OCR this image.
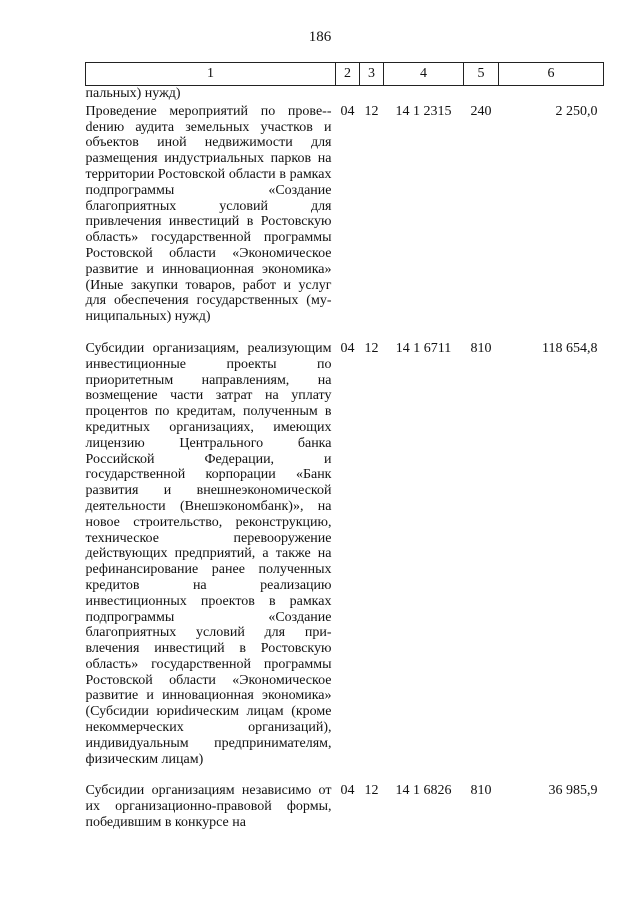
186
1	2	3	4	5	6
пальных) нужд)					
Проведение мероприятий по прове-dению аудита земельных участков и объектов иной недвижимости для размещения индустриальных парков на территории Ростовской области в рамках подпрограммы «Создание благоприятных условий для привлечения инвестиций в Ростовскую область» государственной программы Ростовской области «Экономическое развитие и инновационная экономика» (Иные закупки товаров, работ и услуг для обеспечения государственных (муниципальных) нужд)	04	12	14 1 2315	240	2 250,0
Субсидии организациям, реализующим инвестиционные проекты по приоритетным направлениям, на возмещение части затрат на уплату процентов по кредитам, полученным в кредитных организациях, имеющих лицензию Центрального банка Российской Федерации, и государственной корпорации «Банк развития и внешнеэкономической деятельности (Внешэкономбанк)», на новое строительство, реконструкцию, техническое перевооружение действующих предприятий, а также на рефинансирование ранее полученных кредитов на реализацию инвестиционных проектов в рамках подпрограммы «Создание благоприятных условий для привлечения инвестиций в Ростовскую область» государственной программы Ростовской области «Экономическое развитие и инновационная экономика» (Субсидии юриdическим лицам (кроме некоммерческих организаций), индивидуальным предпринимателям, физическим лицам)	04	12	14 1 6711	810	118 654,8
Субсидии организациям независимо от их организационно-правовой формы, победившим в конкурсе на	04	12	14 1 6826	810	36 985,9
